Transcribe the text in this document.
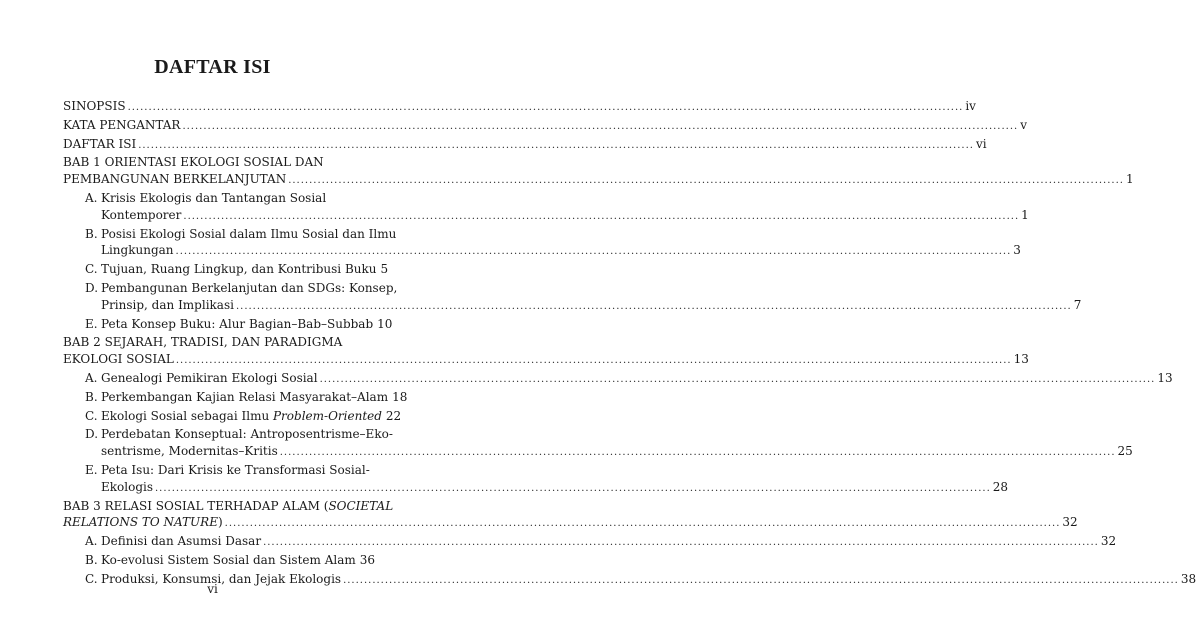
DAFTAR ISI
SINOPSIS ........................................................................................................................................................................................................ iv
KATA PENGANTAR ........................................................................................................................................................................................................ v
DAFTAR ISI ........................................................................................................................................................................................................ vi
BAB 1 ORIENTASI EKOLOGI SOSIAL DAN
PEMBANGUNAN BERKELANJUTAN ........................................................................................................................................................................................................ 1
A. Krisis Ekologis dan Tantangan Sosial
Kontemporer ........................................................................................................................................................................................................ 1
B. Posisi Ekologi Sosial dalam Ilmu Sosial dan Ilmu
Lingkungan ........................................................................................................................................................................................................ 3
C. Tujuan, Ruang Lingkup, dan Kontribusi Buku 5
D. Pembangunan Berkelanjutan dan SDGs: Konsep,
Prinsip, dan Implikasi ........................................................................................................................................................................................................ 7
E. Peta Konsep Buku: Alur Bagian–Bab–Subbab 10
BAB 2 SEJARAH, TRADISI, DAN PARADIGMA
EKOLOGI SOSIAL ........................................................................................................................................................................................................ 13
A. Genealogi Pemikiran Ekologi Sosial ........................................................................................................................................................................................................ 13
B. Perkembangan Kajian Relasi Masyarakat–Alam 18
C. Ekologi Sosial sebagai Ilmu Problem-Oriented 22
D. Perdebatan Konseptual: Antroposentrisme–Eko-
sentrisme, Modernitas–Kritis ........................................................................................................................................................................................................ 25
E. Peta Isu: Dari Krisis ke Transformasi Sosial-
Ekologis ........................................................................................................................................................................................................ 28
BAB 3 RELASI SOSIAL TERHADAP ALAM (SOCIETAL
RELATIONS TO NATURE) ........................................................................................................................................................................................................ 32
A. Definisi dan Asumsi Dasar ........................................................................................................................................................................................................ 32
B. Ko-evolusi Sistem Sosial dan Sistem Alam 36
C. Produksi, Konsumsi, dan Jejak Ekologis ........................................................................................................................................................................................................ 38
vi
